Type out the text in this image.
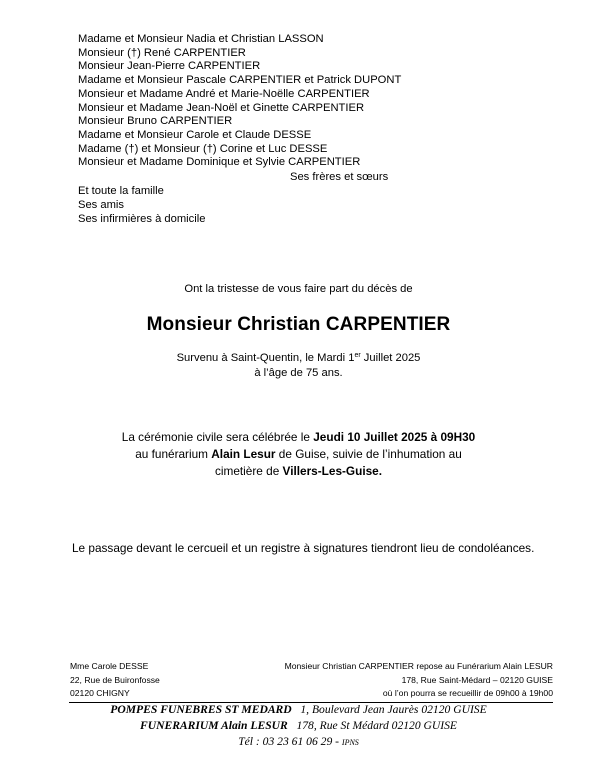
Madame et Monsieur Nadia et Christian LASSON
Monsieur (†) René CARPENTIER
Monsieur Jean-Pierre CARPENTIER
Madame et Monsieur Pascale CARPENTIER et Patrick DUPONT
Monsieur et Madame André et Marie-Noëlle CARPENTIER
Monsieur et Madame Jean-Noël et Ginette CARPENTIER
Monsieur Bruno CARPENTIER
Madame et Monsieur Carole et Claude DESSE
Madame (†) et Monsieur (†) Corine et Luc DESSE
Monsieur et Madame Dominique et Sylvie CARPENTIER
Ses frères et sœurs
Et toute la famille
Ses amis
Ses infirmières à domicile
Ont la tristesse de vous faire part du décès de
Monsieur Christian CARPENTIER
Survenu à Saint-Quentin, le Mardi 1er Juillet 2025
à l’âge de 75 ans.
La cérémonie civile sera célébrée le Jeudi 10 Juillet 2025 à 09H30
au funérarium Alain Lesur de Guise, suivie de l’inhumation au
cimetière de Villers-Les-Guise.
Le passage devant le cercueil et un registre à signatures tiendront lieu de condoléances.
Mme Carole DESSE
22, Rue de Buironfosse
02120 CHIGNY
Monsieur Christian CARPENTIER repose au Funérarium Alain LESUR
178, Rue Saint-Médard – 02120 GUISE
où l’on pourra se recueillir de 09h00 à 19h00
POMPES FUNEBRES ST MEDARD   1, Boulevard Jean Jaurès 02120 GUISE
FUNERARIUM Alain LESUR   178, Rue St Médard 02120 GUISE
Tél : 03 23 61 06 29 - IPNS
